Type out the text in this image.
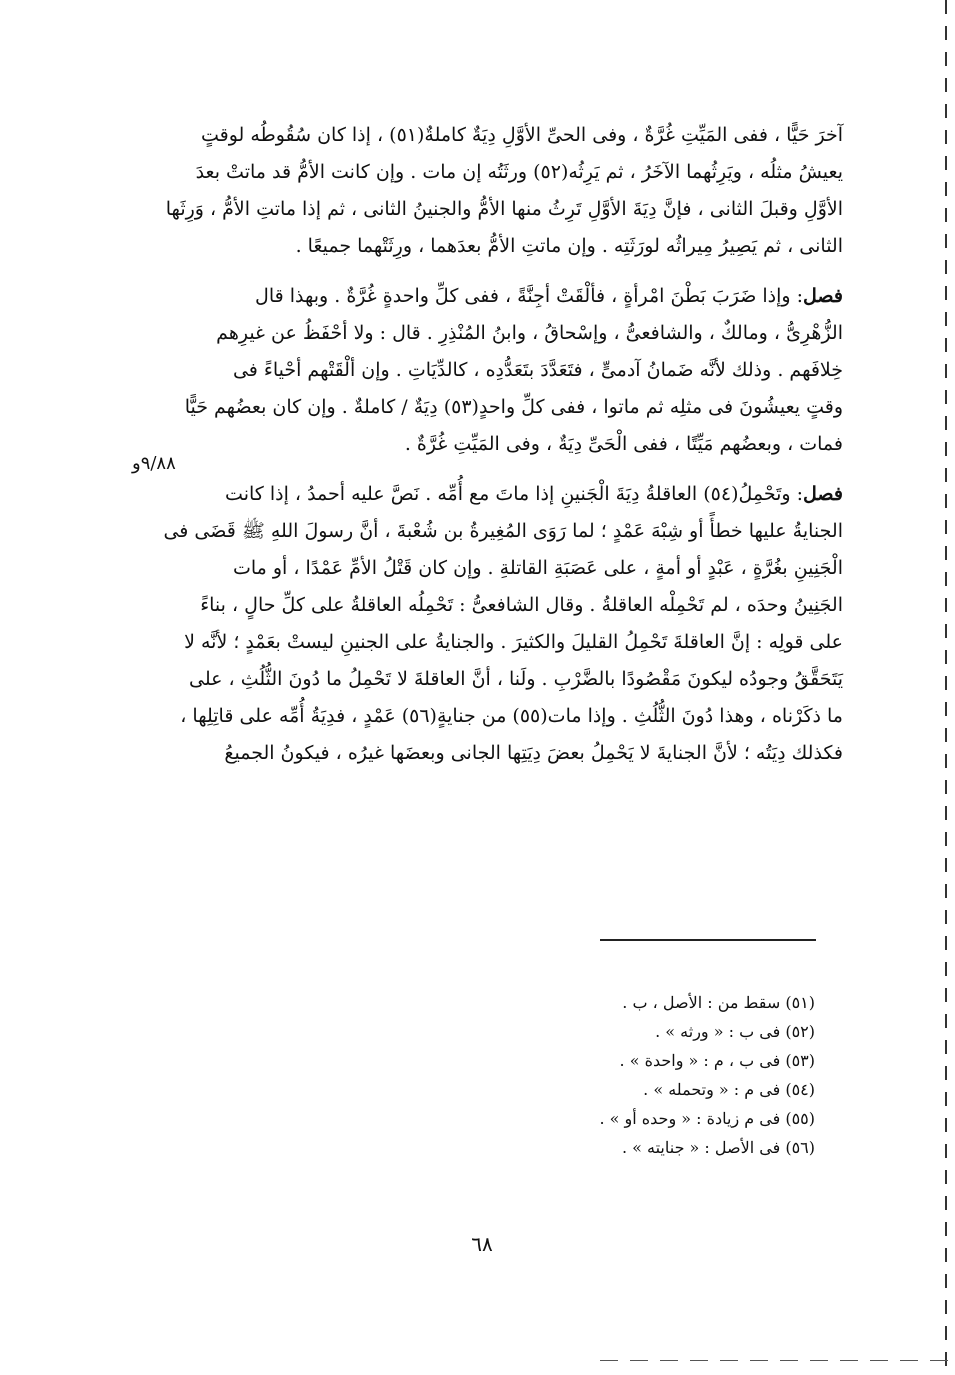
٩/٨٨و
آخرَ حَيًّا ، ففى المَيِّتِ غُرَّةٌ ، وفى الحىِّ الأوَّلِ دِيَةٌ كاملةٌ(٥١) ، إذا كان سُقُوطُه لوقتٍ
يعيشُ مثلُه ، ويَرِثُهما الآخَرُ ، ثم يَرِثُه(٥٢) ورثَتُه إن مات . وإن كانت الأمُّ قد ماتتْ بعدَ
الأوَّلِ وقبلَ الثانى ، فإنَّ دِيَةَ الأوَّلِ تَرِثُ منها الأمُّ والجنينُ الثانى ، ثم إذا ماتتِ الأمُّ ، وَرِثَها
الثانى ، ثم يَصِيرُ مِيراثُه لورَثَتِه . وإن ماتتِ الأمُّ بعدَهما ، ورِثَتْهما جميعًا .
فصل: وإذا ضَرَبَ بَطْنَ امْرأةٍ ، فألْقَتْ أجِنَّةً ، ففى كلِّ واحدةٍ غُرَّةٌ . وبهذا قال
الزُّهْرِىُّ ، ومالكٌ ، والشافعىُّ ، وإسْحاقُ ، وابنُ المُنْذِرِ . قال : ولا أحْفَظُ عن غيرِهم
خِلافَهم . وذلك لأنَّه ضَمانُ آدمىٍّ ، فتَعَدَّدَ بتَعَدُّدِه ، كالدِّيَاتِ . وإن ألْقَتْهم أحْياءً فى
وقتٍ يعيشُونَ فى مثلِه ثم ماتوا ، ففى كلِّ واحدٍ(٥٣) دِيَةٌ / كاملةٌ . وإن كان بعضُهم حَيًّا
فمات ، وبعضُهم مَيِّتًا ، ففى الْحَىِّ دِيَةٌ ، وفى المَيِّتِ غُرَّةٌ .
فصل: وتَحْمِلُ(٥٤) العاقلةُ دِيَةَ الْجَنينِ إذا ماتَ مع أُمِّه . نَصَّ عليه أحمدُ ، إذا كانت
الجنايةُ عليها خطأً أو شِبْهَ عَمْدٍ ؛ لما رَوَى المُغِيرةُ بن شُعْبةَ ، أنَّ رسولَ اللهِ ﷺ قَضَى فى
الْجَنِينِ بغُرَّةٍ ، عَبْدٍ أو أمةٍ ، على عَصَبَةِ القاتلةِ . وإن كان قَتْلُ الأمِّ عَمْدًا ، أو مات
الجَنِينُ وحدَه ، لم تَحْمِلْه العاقلةُ . وقال الشافعىُّ : تَحْمِلُه العاقلةُ على كلِّ حالٍ ، بناءً
على قولِه : إنَّ العاقلةَ تَحْمِلُ القليلَ والكثيرَ . والجنايةُ على الجنينِ ليستْ بعَمْدٍ ؛ لأنَّه لا
يَتَحَقَّقُ وجودُه ليكونَ مَقْصُودًا بالضَّرْبِ . ولَنا ، أنَّ العاقلةَ لا تَحْمِلُ ما دُونَ الثُّلُثِ ، على
ما ذكَرْناه ، وهذا دُونَ الثُّلُثِ . وإذا مات(٥٥) من جنايةٍ(٥٦) عَمْدٍ ، فدِيَةُ أُمِّه على قاتِلِها ،
فكذلك دِيَتُه ؛ لأنَّ الجنايةَ لا يَحْمِلُ بعضَ دِيَتِها الجانى وبعضَها غيرُه ، فيكونُ الجميعُ
(٥١) سقط من : الأصل ، ب .
(٥٢) فى ب : « ورثه » .
(٥٣) فى ب ، م : « واحدة » .
(٥٤) فى م : « وتحمله » .
(٥٥) فى م زيادة : « وحده أو » .
(٥٦) فى الأصل : « جنايته » .
٦٨
